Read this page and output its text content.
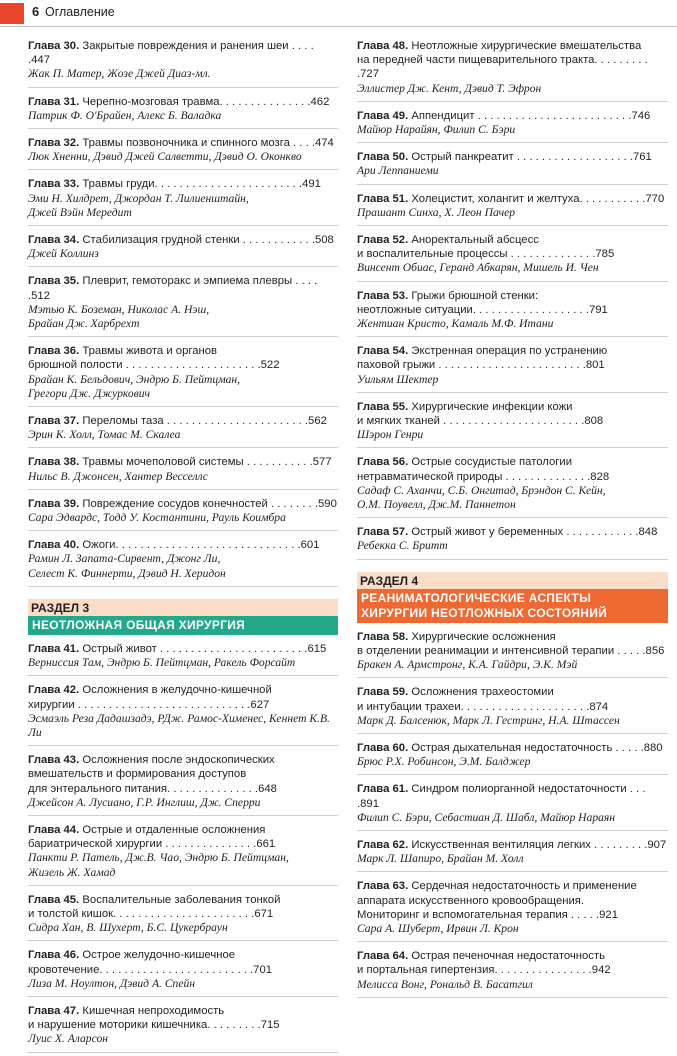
6 Оглавление
Глава 30. Закрытые повреждения и ранения шеи . . . . .447
Жак П. Матер, Жозе Джей Диаз-мл.
Глава 31. Черепно-мозговая травма. . . . . . . . . . . . . . .462
Патрик Ф. О'Брайен, Алекс Б. Валадка
Глава 32. Травмы позвоночника и спинного мозга . . . .474
Люк Хненни, Дэвид Джей Салветти, Дэвид О. Оконкво
Глава 33. Травмы груди. . . . . . . . . . . . . . . . . . . . . . . .491
Эми Н. Хилдрет, Джордан Т. Лилиенштайн,
Джей Вэйн Мередит
Глава 34. Стабилизация грудной стенки . . . . . . . . . . . .508
Джей Коллинз
Глава 35. Плеврит, гемоторакс и эмпиема плевры . . . . .512
Мэтью К. Боземан, Николас А. Нэш,
Брайан Дж. Харбрехт
Глава 36. Травмы живота и органов
брюшной полости . . . . . . . . . . . . . . . . . . . . . .522
Брайан К. Бельдович, Эндрю Б. Пейтцман,
Грегори Дж. Джуркович
Глава 37. Переломы таза . . . . . . . . . . . . . . . . . . . . . . .562
Эрин К. Холл, Томас М. Скалеа
Глава 38. Травмы мочеполовой системы . . . . . . . . . . .577
Нильс В. Джонсен, Хантер Весселлс
Глава 39. Повреждение сосудов конечностей . . . . . . . .590
Сара Эдвардс, Тодд У. Костантини, Рауль Коимбра
Глава 40. Ожоги. . . . . . . . . . . . . . . . . . . . . . . . . . . . . .601
Рамин Л. Запата-Сирвент, Джонг Ли,
Селест К. Финнерти, Дэвид Н. Херидон
РАЗДЕЛ 3
НЕОТЛОЖНАЯ ОБЩАЯ ХИРУРГИЯ
Глава 41. Острый живот . . . . . . . . . . . . . . . . . . . . . . . .615
Верниссия Там, Эндрю Б. Пейтцман, Ракель Форсайт
Глава 42. Осложнения в желудочно-кишечной
хирургии . . . . . . . . . . . . . . . . . . . . . . . . . . . .627
Эсмаэль Реза Дадашзадэ, РДж. Рамос-Хименес, Кеннет К.В. Ли
Глава 43. Осложнения после эндоскопических
вмешательств и формирования доступов
для энтерального питания. . . . . . . . . . . . . . .648
Джейсон А. Лусиано, Г.Р. Инглиш, Дж. Сперри
Глава 44. Острые и отдаленные осложнения
бариатрической хирургии . . . . . . . . . . . . . . .661
Панкти Р. Патель, Дж.В. Чао, Эндрю Б. Пейтцман,
Жизель Ж. Хамад
Глава 45. Воспалительные заболевания тонкой
и толстой кишок. . . . . . . . . . . . . . . . . . . . . . .671
Сидра Хан, В. Шухерт, Б.С. Цукербраун
Глава 46. Острое желудочно-кишечное
кровотечение. . . . . . . . . . . . . . . . . . . . . . . . .701
Лиза М. Ноултон, Дэвид А. Спейн
Глава 47. Кишечная непроходимость
и нарушение моторики кишечника. . . . . . . . .715
Луис Х. Аларсон
Глава 48. Неотложные хирургические вмешательства
на передней части пищеварительного тракта. . . . . . . . . .727
Эллистер Дж. Кент, Дэвид Т. Эфрон
Глава 49. Аппендицит . . . . . . . . . . . . . . . . . . . . . . . . .746
Майюр Нарайян, Филип С. Бэри
Глава 50. Острый панкреатит . . . . . . . . . . . . . . . . . . .761
Ари Леппаниеми
Глава 51. Холецистит, холангит и желтуха. . . . . . . . . . .770
Прашант Синха, Х. Леон Пачер
Глава 52. Аноректальный абсцесс
и воспалительные процессы . . . . . . . . . . . . . .785
Винсент Обиас, Геранд Абкарян, Мишель И. Чен
Глава 53. Грыжи брюшной стенки:
неотложные ситуации. . . . . . . . . . . . . . . . . . .791
Жентиан Кристо, Камаль М.Ф. Итани
Глава 54. Экстренная операция по устранению
паховой грыжи . . . . . . . . . . . . . . . . . . . . . . . .801
Уильям Шектер
Глава 55. Хирургические инфекции кожи
и мягких тканей . . . . . . . . . . . . . . . . . . . . . . .808
Шэрон Генри
Глава 56. Острые сосудистые патологии
нетравматической природы . . . . . . . . . . . . . .828
Садаф С. Аханчи, С.Б. Онгитад, Брэндон С. Кейн,
О.М. Поувелл, Дж.М. Паннетон
Глава 57. Острый живот у беременных . . . . . . . . . . . .848
Ребекка С. Бритт
РАЗДЕЛ 4
РЕАНИМАТОЛОГИЧЕСКИЕ АСПЕКТЫ
ХИРУРГИИ НЕОТЛОЖНЫХ СОСТОЯНИЙ
Глава 58. Хирургические осложнения
в отделении реанимации и интенсивной терапии . . . . .856
Бракен А. Армстронг, К.А. Гайдри, Э.К. Мэй
Глава 59. Осложнения трахеостомии
и интубации трахеи. . . . . . . . . . . . . . . . . . . . .874
Марк Д. Балсенюк, Марк Л. Гестринг, Н.А. Штассен
Глава 60. Острая дыхательная недостаточность . . . . .880
Брюс Р.Х. Робинсон, Э.М. Балджер
Глава 61. Синдром полиорганной недостаточности . . . .891
Филип С. Бэри, Себастиан Д. Шабл, Майюр Нараян
Глава 62. Искусственная вентиляция легких . . . . . . . . .907
Марк Л. Шапиро, Брайан М. Холл
Глава 63. Сердечная недостаточность и применение
аппарата искусственного кровообращения.
Мониторинг и вспомогательная терапия . . . . .921
Сара А. Шуберт, Ирвин Л. Крон
Глава 64. Острая печеночная недостаточность
и портальная гипертензия. . . . . . . . . . . . . . . .942
Мелисса Вонг, Рональд В. Басатгил
